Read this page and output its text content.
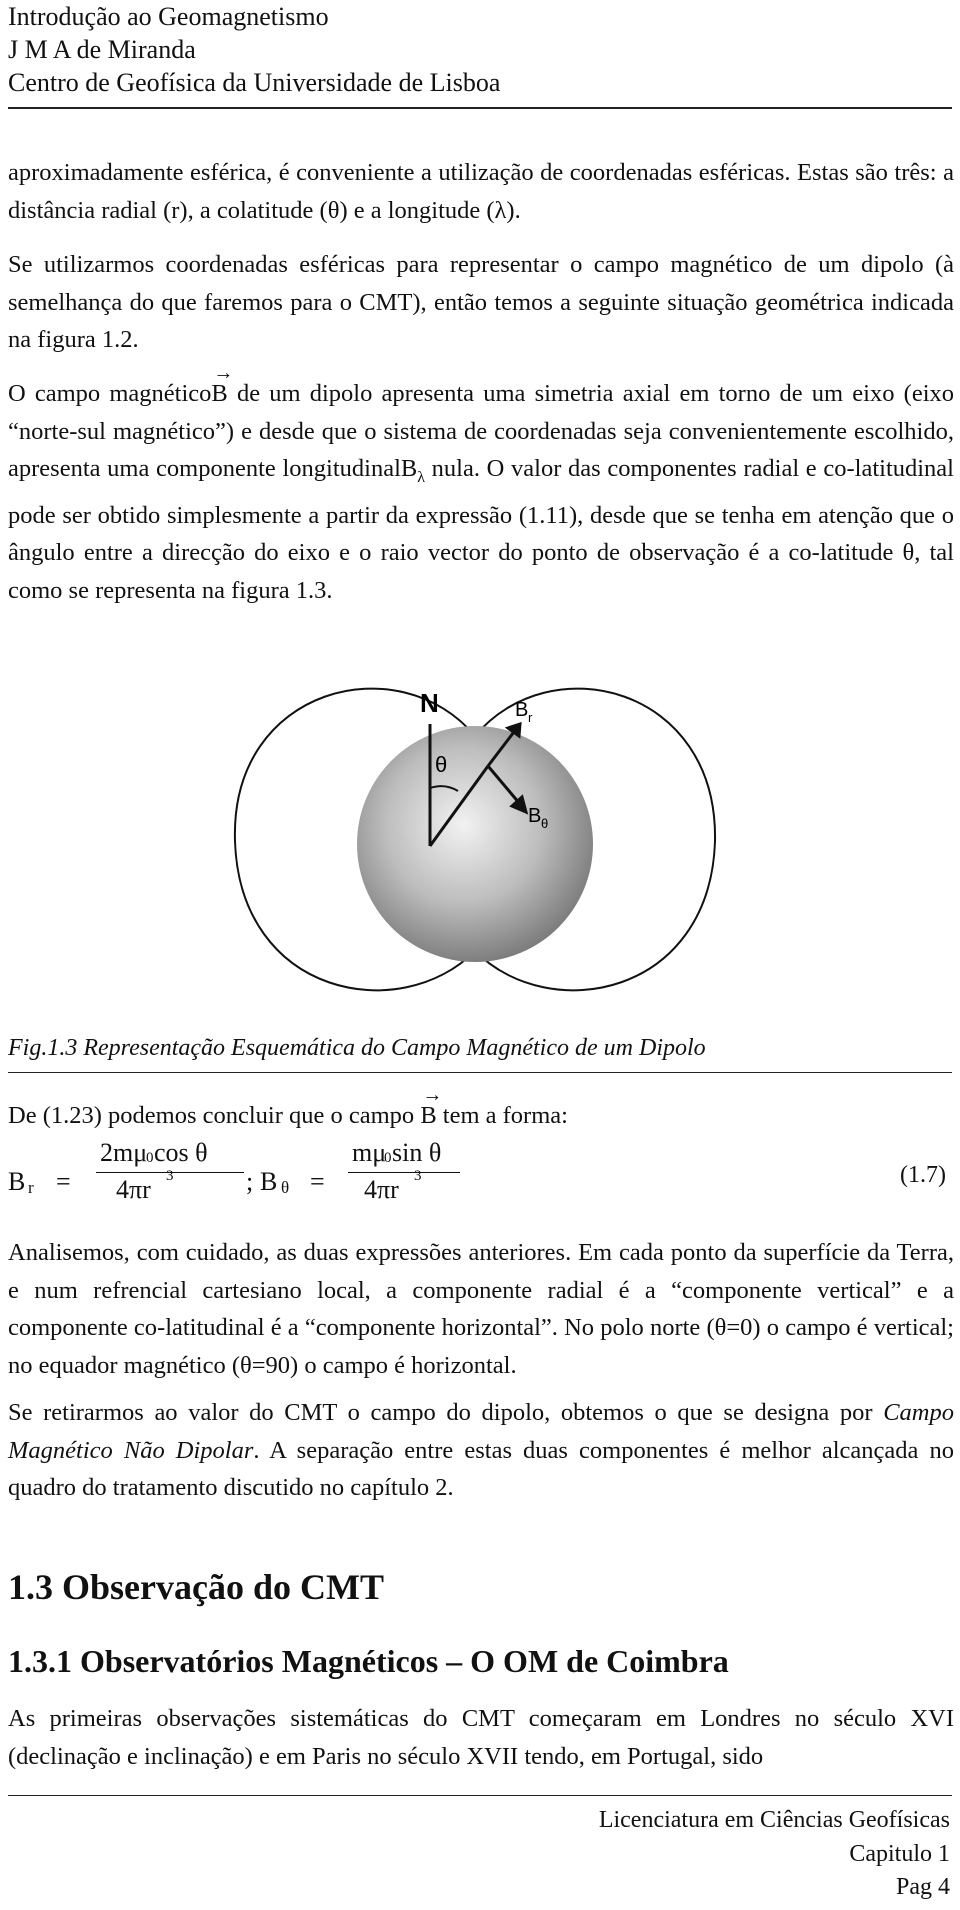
Introdução ao Geomagnetismo
J M A de Miranda
Centro de Geofísica da Universidade de Lisboa
aproximadamente esférica, é conveniente a utilização de coordenadas esféricas. Estas são três: a distância radial (r), a colatitude (θ) e a longitude (λ).
Se utilizarmos coordenadas esféricas para representar o campo magnético de um dipolo (à semelhança do que faremos para o CMT), então temos a seguinte situação geométrica indicada na figura 1.2.
O campo magnético→ B de um dipolo apresenta uma simetria axial em torno de um eixo (eixo “norte-sul magnético”) e desde que o sistema de coordenadas seja convenientemente escolhido, apresenta uma componente longitudinalB$_\lambda$ nula. O valor das componentes radial e co-latitudinal pode ser obtido simplesmente a partir da expressão (1.11), desde que se tenha em atenção que o ângulo entre a direcção do eixo e o raio vector do ponto de observação é a co-latitude θ, tal como se representa na figura 1.3.
N
θ
B r
B θ
Fig.1.3 Representação Esquemática do Campo Magnético de um Dipolo
De (1.23) podemos concluir que o campo → B tem a forma:
B r =
2mμ
0 cos θ
4πr 3	; B θ =
mμ
0 sin θ
4πr 3	(1.7)
Analisemos, com cuidado, as duas expressões anteriores. Em cada ponto da superfície da Terra, e num refrencial cartesiano local, a componente radial é a “componente vertical” e a componente co-latitudinal é a “componente horizontal”. No polo norte (θ=0) o campo é vertical; no equador magnético (θ=90) o campo é horizontal.
Se retirarmos ao valor do CMT o campo do dipolo, obtemos o que se designa por Campo Magnético Não Dipolar. A separação entre estas duas componentes é melhor alcançada no quadro do tratamento discutido no capítulo 2.
1.3 Observação do CMT
1.3.1 Observatórios Magnéticos – O OM de Coimbra
As primeiras observações sistemáticas do CMT começaram em Londres no século XVI (declinação e inclinação) e em Paris no século XVII tendo, em Portugal, sido
Licenciatura em Ciências Geofísicas
Capitulo 1
Pag 4
